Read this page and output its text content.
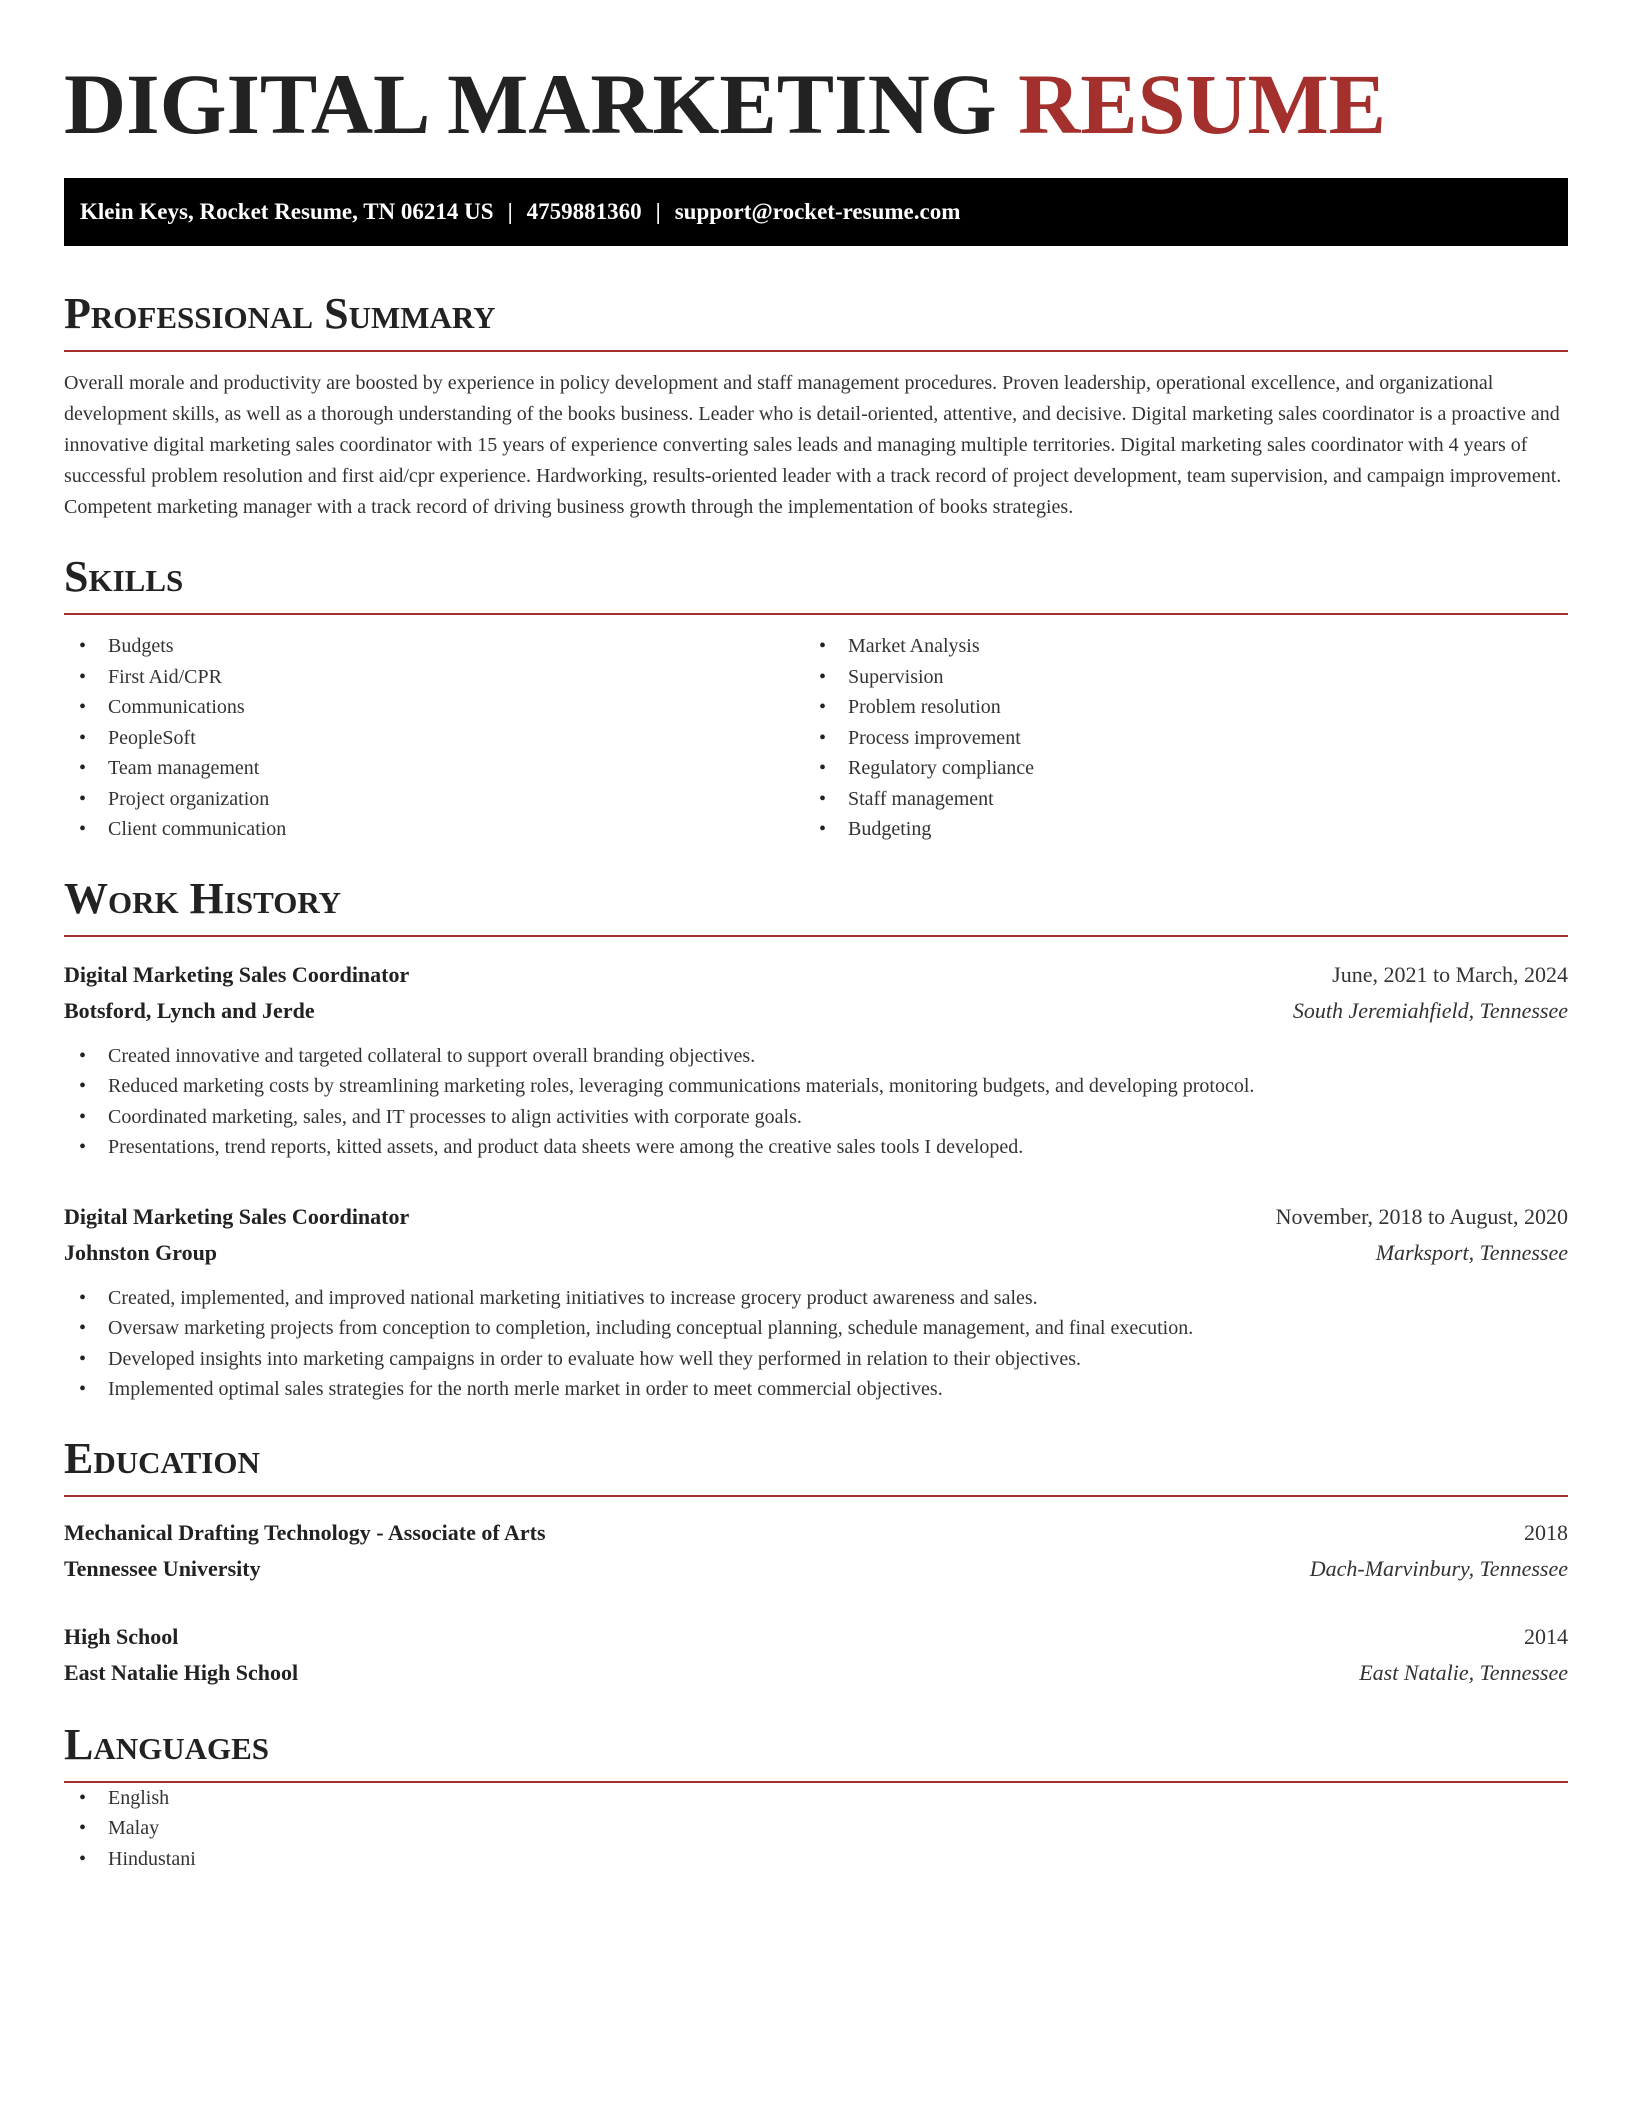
DIGITAL MARKETING RESUME
Klein Keys, Rocket Resume, TN 06214 US | 4759881360 | support@rocket-resume.com
Professional Summary

Overall morale and productivity are boosted by experience in policy development and staff management procedures. Proven leadership, operational excellence, and organizational development skills, as well as a thorough understanding of the books business. Leader who is detail-oriented, attentive, and decisive. Digital marketing sales coordinator is a proactive and innovative digital marketing sales coordinator with 15 years of experience converting sales leads and managing multiple territories. Digital marketing sales coordinator with 4 years of successful problem resolution and first aid/cpr experience. Hardworking, results-oriented leader with a track record of project development, team supervision, and campaign improvement. Competent marketing manager with a track record of driving business growth through the implementation of books strategies.

Skills
• Budgets
• First Aid/CPR
• Communications
• PeopleSoft
• Team management
• Project organization
• Client communication
• Market Analysis
• Supervision
• Problem resolution
• Process improvement
• Regulatory compliance
• Staff management
• Budgeting
Work History
Digital Marketing Sales Coordinator	June, 2021 to March, 2024
Botsford, Lynch and Jerde	South Jeremiahfield, Tennessee
• Created innovative and targeted collateral to support overall branding objectives.
• Reduced marketing costs by streamlining marketing roles, leveraging communications materials, monitoring budgets, and developing protocol.
• Coordinated marketing, sales, and IT processes to align activities with corporate goals.
• Presentations, trend reports, kitted assets, and product data sheets were among the creative sales tools I developed.
Digital Marketing Sales Coordinator	November, 2018 to August, 2020
Johnston Group	Marksport, Tennessee
• Created, implemented, and improved national marketing initiatives to increase grocery product awareness and sales.
• Oversaw marketing projects from conception to completion, including conceptual planning, schedule management, and final execution.
• Developed insights into marketing campaigns in order to evaluate how well they performed in relation to their objectives.
• Implemented optimal sales strategies for the north merle market in order to meet commercial objectives.
Education
Mechanical Drafting Technology - Associate of Arts	2018
Tennessee University	Dach-Marvinbury, Tennessee
High School	2014
East Natalie High School	East Natalie, Tennessee
Languages
• English
• Malay
• Hindustani
